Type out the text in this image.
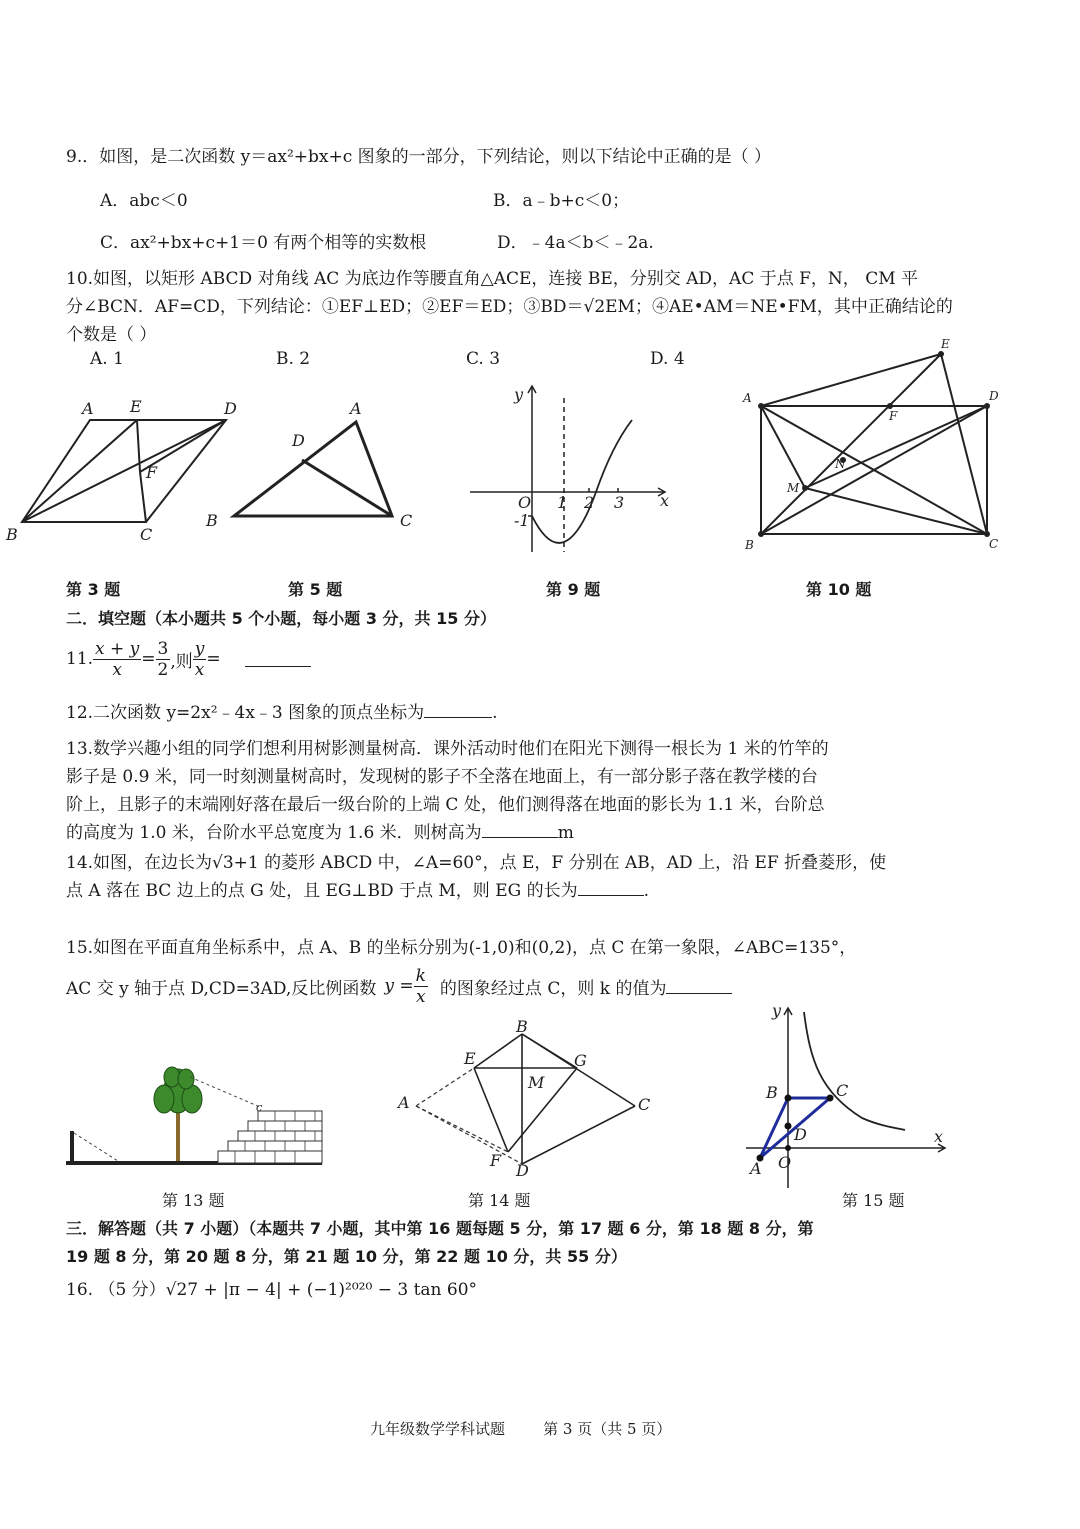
9.．如图，是二次函数 y＝ax²+bx+c 图象的一部分，下列结论，则以下结论中正确的是（ ）
A．abc＜0	B．a﹣b+c＜0；
C．ax²+bx+c+1＝0 有两个相等的实数根	D．﹣4a＜b＜﹣2a.
10.如图，以矩形 ABCD 对角线 AC 为底边作等腰直角△ACE，连接 BE，分别交 AD，AC 于点 F，N， CM 平
分∠BCN．AF=CD，下列结论：①EF⊥ED；②EF＝ED；③BD＝√2EM；④AE•AM＝NE•FM，其中正确结论的
个数是（ ）
A. 1	B. 2	C. 3	D. 4
A E	D
F
B	C
A
D
B	C
y
O 1 2 3 x
-1
E
A	D
F
N
M
B	C
第 3 题	第 5 题	第 9 题	第 10 题
二．填空题（本小题共 5 个小题，每小题 3 分，共 15 分）
11. $\frac{x + y}{x} = \frac{3}{2}$ ,则 $\frac{y}{x}$ =
12.二次函数 y=2x²﹣4x﹣3 图象的顶点坐标为	.
13.数学兴趣小组的同学们想利用树影测量树高．课外活动时他们在阳光下测得一根长为 1 米的竹竿的
影子是 0.9 米，同一时刻测量树高时，发现树的影子不全落在地面上，有一部分影子落在教学楼的台
阶上，且影子的末端刚好落在最后一级台阶的上端 C 处，他们测得落在地面的影长为 1.1 米，台阶总
的高度为 1.0 米，台阶水平总宽度为 1.6 米．则树高为	m
14.如图，在边长为√3+1 的菱形 ABCD 中，∠A=60°，点 E，F 分别在 AB，AD 上，沿 EF 折叠菱形，使
点 A 落在 BC 边上的点 G 处，且 EG⊥BD 于点 M，则 EG 的长为	.
15.如图在平面直角坐标系中，点 A、B 的坐标分别为(-1,0)和(0,2)，点 C 在第一象限，∠ABC=135°，
AC 交 y 轴于点 D,CD=3AD,反比例函数 $y = \frac{k}{x}$ 的图象经过点 C，则 k 的值为
c
B
E	G
M
A	C
F
D
y
B	C
D
A O
x
第 13 题	第 14 题	第 15 题
三．解答题（共 7 小题）（本题共 7 小题，其中第 16 题每题 5 分，第 17 题 6 分，第 18 题 8 分，第
19 题 8 分，第 20 题 8 分，第 21 题 10 分，第 22 题 10 分，共 55 分）
16. （5 分）√27 + |π − 4| + (−1)²⁰²⁰ − 3 tan 60°
九年级数学学科试题        第 3 页（共 5 页）
